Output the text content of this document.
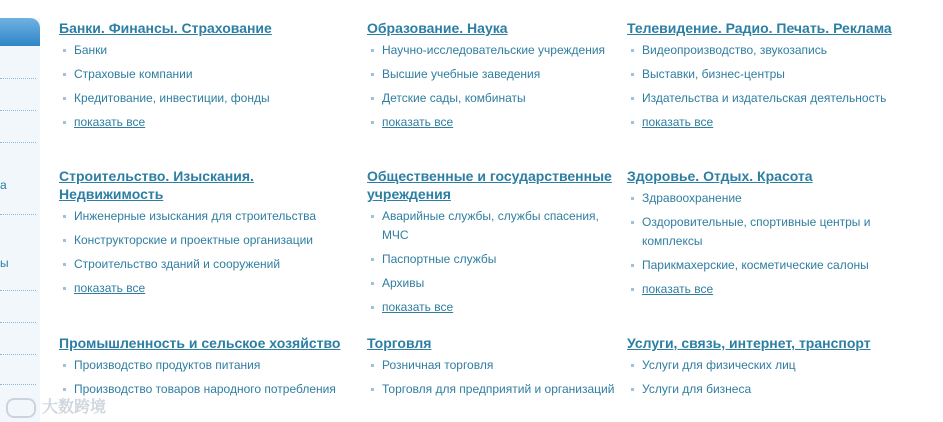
а
ы
Банки. Финансы. Страхование
Банки
Страховые компании
Кредитование, инвестиции, фонды
показать все
Строительство. Изыскания. Недвижимость
Инженерные изыскания для строительства
Конструкторские и проектные организации
Строительство зданий и сооружений
показать все
Промышленность и сельское хозяйство
Производство продуктов питания
Производство товаров народного потребления
Образование. Наука
Научно-исследовательские учреждения
Высшие учебные заведения
Детские сады, комбинаты
показать все
Общественные и государственные учреждения
Аварийные службы, службы спасения, МЧС
Паспортные службы
Архивы
показать все
Торговля
Розничная торговля
Торговля для предприятий и организаций
Телевидение. Радио. Печать. Реклама
Видеопроизводство, звукозапись
Выставки, бизнес-центры
Издательства и издательская деятельность
показать все
Здоровье. Отдых. Красота
Здравоохранение
Оздоровительные, спортивные центры и комплексы
Парикмахерские, косметические салоны
показать все
Услуги, связь, интернет, транспорт
Услуги для физических лиц
Услуги для бизнеса
大数跨境
